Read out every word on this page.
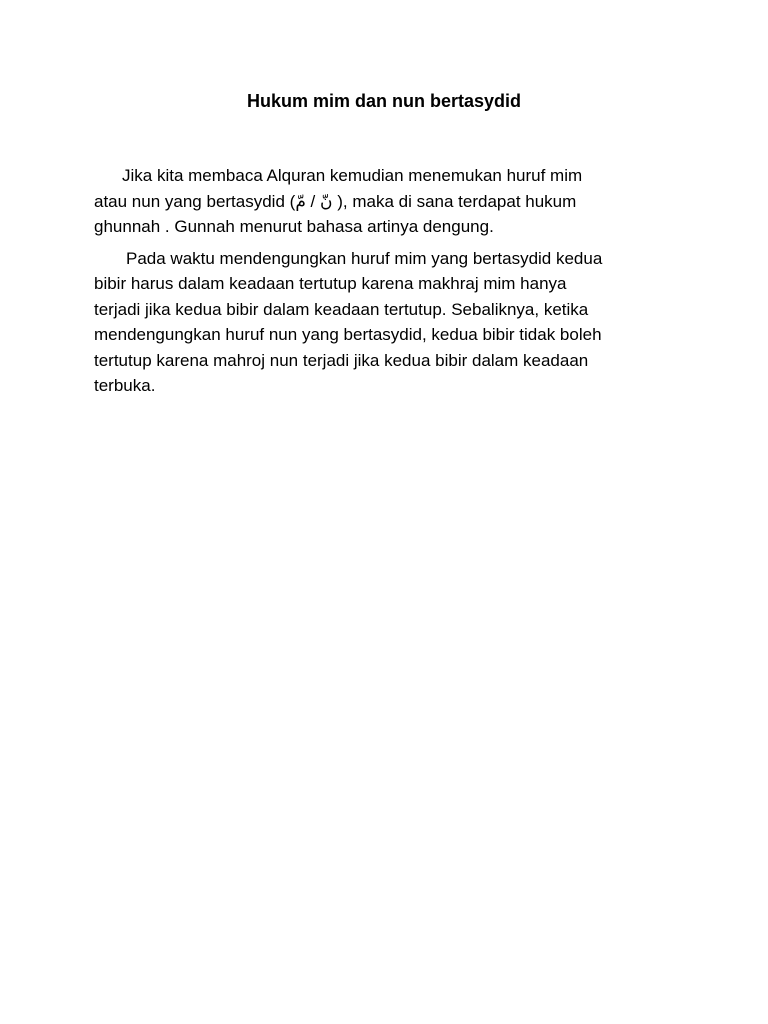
Hukum mim dan nun bertasydid

Jika kita membaca Alquran kemudian menemukan huruf mim
atau nun yang bertasydid (نّ / مّ ), maka di sana terdapat hukum
ghunnah . Gunnah menurut bahasa artinya dengung.

Pada waktu mendengungkan huruf mim yang bertasydid kedua
bibir harus dalam keadaan tertutup karena makhraj mim hanya
terjadi jika kedua bibir dalam keadaan tertutup. Sebaliknya, ketika
mendengungkan huruf nun yang bertasydid, kedua bibir tidak boleh
tertutup karena mahroj nun terjadi jika kedua bibir dalam keadaan
terbuka.
